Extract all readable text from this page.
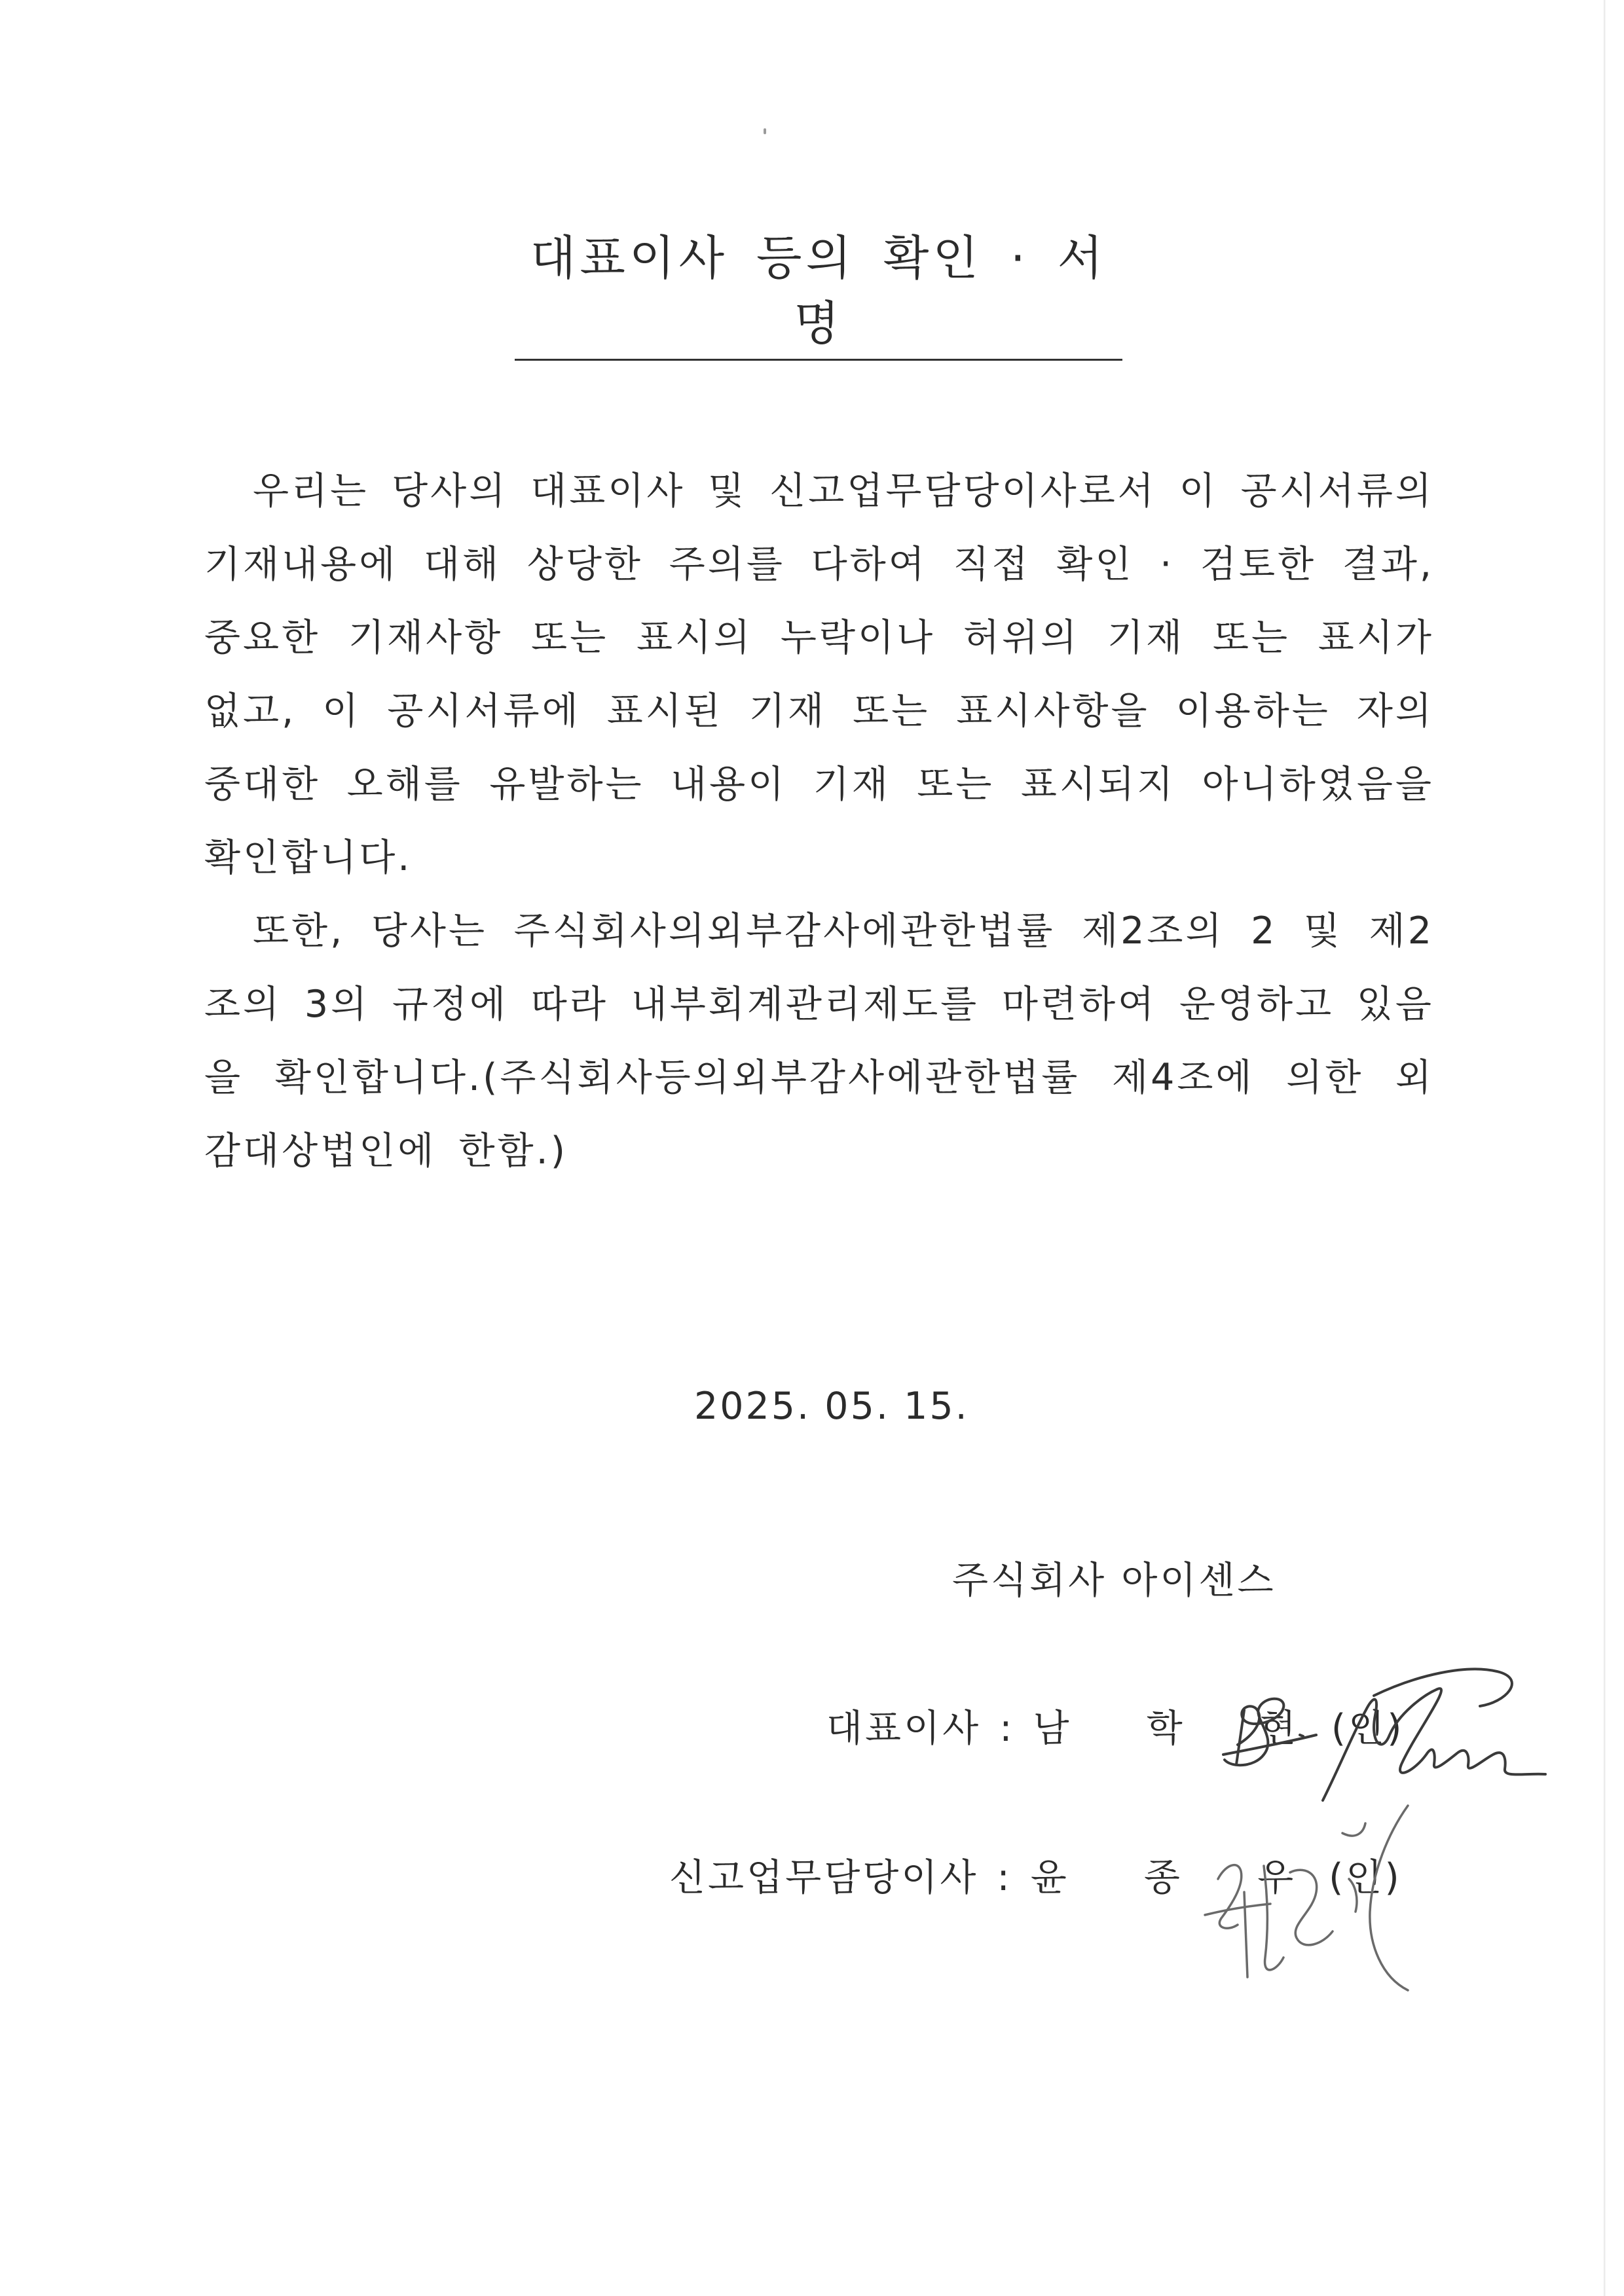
대표이사 등의 확인 · 서명

우리는 당사의 대표이사 및 신고업무담당이사로서 이 공시서류의 기재내용에 대해 상당한 주의를 다하여 직접 확인 · 검토한 결과, 중요한 기재사항 또는 표시의 누락이나 허위의 기재 또는 표시가 없고, 이 공시서류에 표시된 기재 또는 표시사항을 이용하는 자의 중대한 오해를 유발하는 내용이 기재 또는 표시되지 아니하였음을 확인합니다.

또한, 당사는 주식회사의외부감사에관한법률 제2조의 2 및 제2조의 3의 규정에 따라 내부회계관리제도를 마련하여 운영하고 있음을 확인합니다.(주식회사등의외부감사에관한법률 제4조에 의한 외감대상법인에 한함.)

2025. 05. 15.
주식회사 아이센스
대표이사 : 남 학 현(인)
신고업무담당이사 : 윤 종 우(인)
